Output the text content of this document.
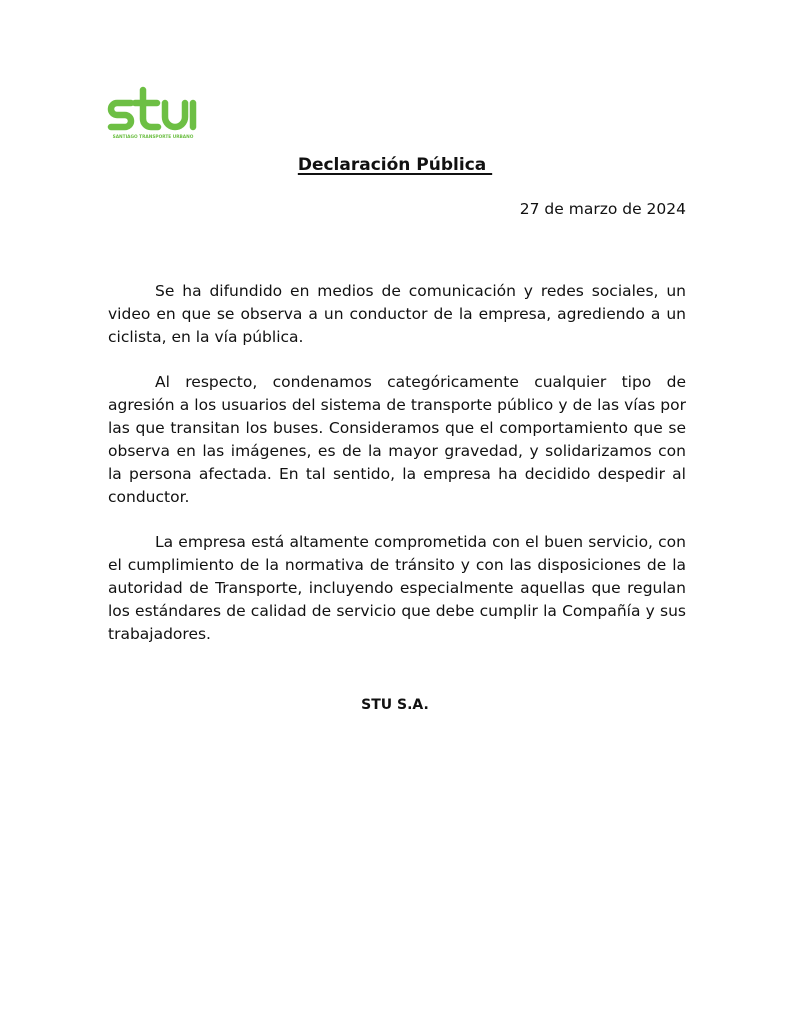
SANTIAGO TRANSPORTE URBANO
Declaración Pública
27 de marzo de 2024

Se ha difundido en medios de comunicación y redes sociales, un video en que se observa a un conductor de la empresa, agrediendo a un ciclista, en la vía pública.

Al respecto, condenamos categóricamente cualquier tipo de agresión a los usuarios del sistema de transporte público y de las vías por las que transitan los buses. Consideramos que el comportamiento que se observa en las imágenes, es de la mayor gravedad, y solidarizamos con la persona afectada. En tal sentido, la empresa ha decidido despedir al conductor.

La empresa está altamente comprometida con el buen servicio, con el cumplimiento de la normativa de tránsito y con las disposiciones de la autoridad de Transporte, incluyendo especialmente aquellas que regulan los estándares de calidad de servicio que debe cumplir la Compañía y sus trabajadores.

STU S.A.
